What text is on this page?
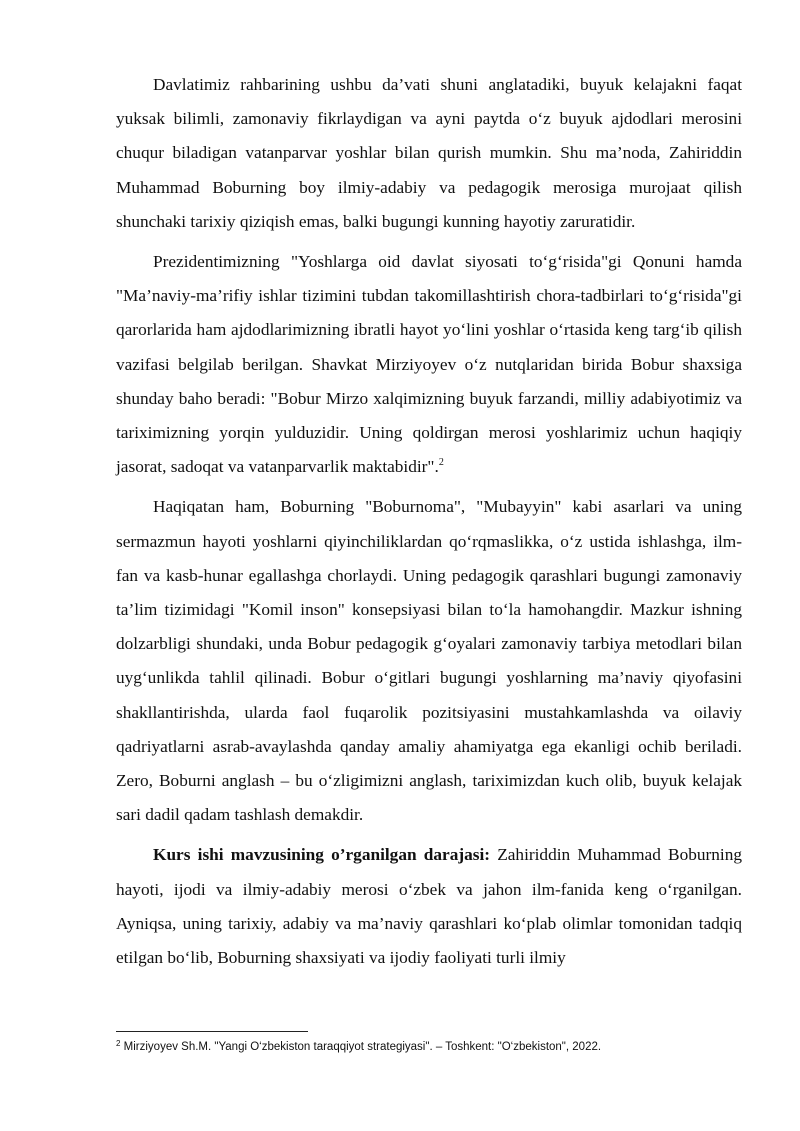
Davlatimiz rahbarining ushbu da’vati shuni anglatadiki, buyuk kelajakni faqat yuksak bilimli, zamonaviy fikrlaydigan va ayni paytda o‘z buyuk ajdodlari merosini chuqur biladigan vatanparvar yoshlar bilan qurish mumkin. Shu ma’noda, Zahiriddin Muhammad Boburning boy ilmiy-adabiy va pedagogik merosiga murojaat qilish shunchaki tarixiy qiziqish emas, balki bugungi kunning hayotiy zaruratidir.

Prezidentimizning "Yoshlarga oid davlat siyosati to‘g‘risida"gi Qonuni hamda "Ma’naviy-ma’rifiy ishlar tizimini tubdan takomillashtirish chora-tadbirlari to‘g‘risida"gi qarorlarida ham ajdodlarimizning ibratli hayot yo‘lini yoshlar o‘rtasida keng targ‘ib qilish vazifasi belgilab berilgan. Shavkat Mirziyoyev o‘z nutqlaridan birida Bobur shaxsiga shunday baho beradi: "Bobur Mirzo xalqimizning buyuk farzandi, milliy adabiyotimiz va tariximizning yorqin yulduzidir. Uning qoldirgan merosi yoshlarimiz uchun haqiqiy jasorat, sadoqat va vatanparvarlik maktabidir".$^2$

Haqiqatan ham, Boburning "Boburnoma", "Mubayyin" kabi asarlari va uning sermazmun hayoti yoshlarni qiyinchiliklardan qo‘rqmaslikka, o‘z ustida ishlashga, ilm-fan va kasb-hunar egallashga chorlaydi. Uning pedagogik qarashlari bugungi zamonaviy ta’lim tizimidagi "Komil inson" konsepsiyasi bilan to‘la hamohangdir. Mazkur ishning dolzarbligi shundaki, unda Bobur pedagogik g‘oyalari zamonaviy tarbiya metodlari bilan uyg‘unlikda tahlil qilinadi. Bobur o‘gitlari bugungi yoshlarning ma’naviy qiyofasini shakllantirishda, ularda faol fuqarolik pozitsiyasini mustahkamlashda va oilaviy qadriyatlarni asrab-avaylashda qanday amaliy ahamiyatga ega ekanligi ochib beriladi. Zero, Boburni anglash – bu o‘zligimizni anglash, tariximizdan kuch olib, buyuk kelajak sari dadil qadam tashlash demakdir.

Kurs ishi mavzusining o’rganilgan darajasi: Zahiriddin Muhammad Boburning hayoti, ijodi va ilmiy-adabiy merosi o‘zbek va jahon ilm-fanida keng o‘rganilgan. Ayniqsa, uning tarixiy, adabiy va ma’naviy qarashlari ko‘plab olimlar tomonidan tadqiq etilgan bo‘lib, Boburning shaxsiyati va ijodiy faoliyati turli ilmiy

$^2$ Mirziyoyev Sh.M. "Yangi O‘zbekiston taraqqiyot strategiyasi". – Toshkent: "O‘zbekiston", 2022.
